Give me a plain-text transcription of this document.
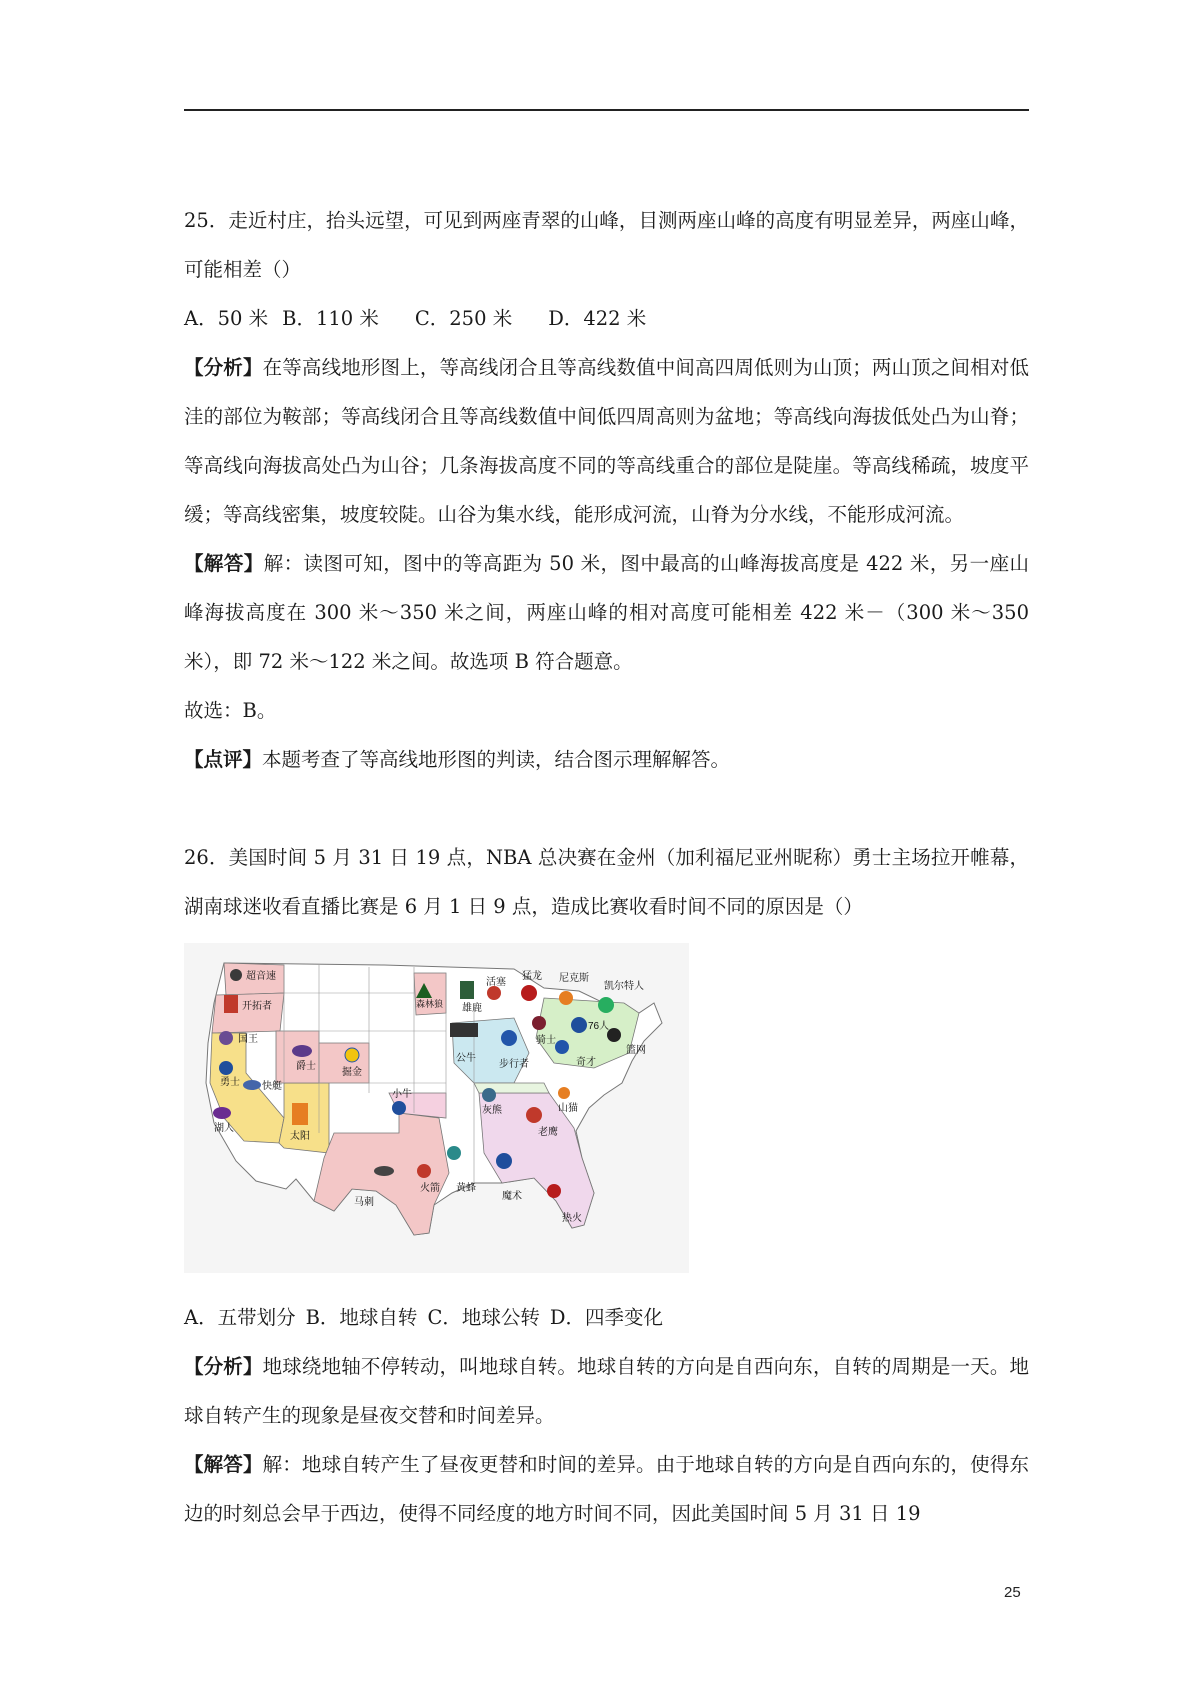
25．走近村庄，抬头远望，可见到两座青翠的山峰，目测两座山峰的高度有明显差异，两座山峰，可能相差（）

A．50 米 B．110 米 C．250 米 D．422 米

【分析】在等高线地形图上，等高线闭合且等高线数值中间高四周低则为山顶；两山顶之间相对低洼的部位为鞍部；等高线闭合且等高线数值中间低四周高则为盆地；等高线向海拔低处凸为山脊；等高线向海拔高处凸为山谷；几条海拔高度不同的等高线重合的部位是陡崖。等高线稀疏，坡度平缓；等高线密集，坡度较陡。山谷为集水线，能形成河流，山脊为分水线，不能形成河流。

【解答】解：读图可知，图中的等高距为 50 米，图中最高的山峰海拔高度是 422 米，另一座山峰海拔高度在 300 米～350 米之间，两座山峰的相对高度可能相差 422 米－（300 米～350 米），即 72 米～122 米之间。故选项 B 符合题意。

故选：B。

【点评】本题考查了等高线地形图的判读，结合图示理解解答。

26．美国时间 5 月 31 日 19 点，NBA 总决赛在金州（加利福尼亚州昵称）勇士主场拉开帷幕，湖南球迷收看直播比赛是 6 月 1 日 9 点，造成比赛收看时间不同的原因是（）

超音速
开拓者
国王
勇士 快艇
湖人
太阳
爵士
掘金
森林狼 雄鹿
活塞
猛龙 尼克斯
凯尔特人
公牛
步行者
骑士
76人
篮网
奇才
小牛
灰熊	山猫
老鹰
火箭
马刺
黄蜂
魔术
热火

A．五带划分 B．地球自转 C．地球公转 D．四季变化

【分析】地球绕地轴不停转动，叫地球自转。地球自转的方向是自西向东，自转的周期是一天。地球自转产生的现象是昼夜交替和时间差异。

【解答】解：地球自转产生了昼夜更替和时间的差异。由于地球自转的方向是自西向东的，使得东边的时刻总会早于西边，使得不同经度的地方时间不同，因此美国时间 5 月 31 日 19

25
